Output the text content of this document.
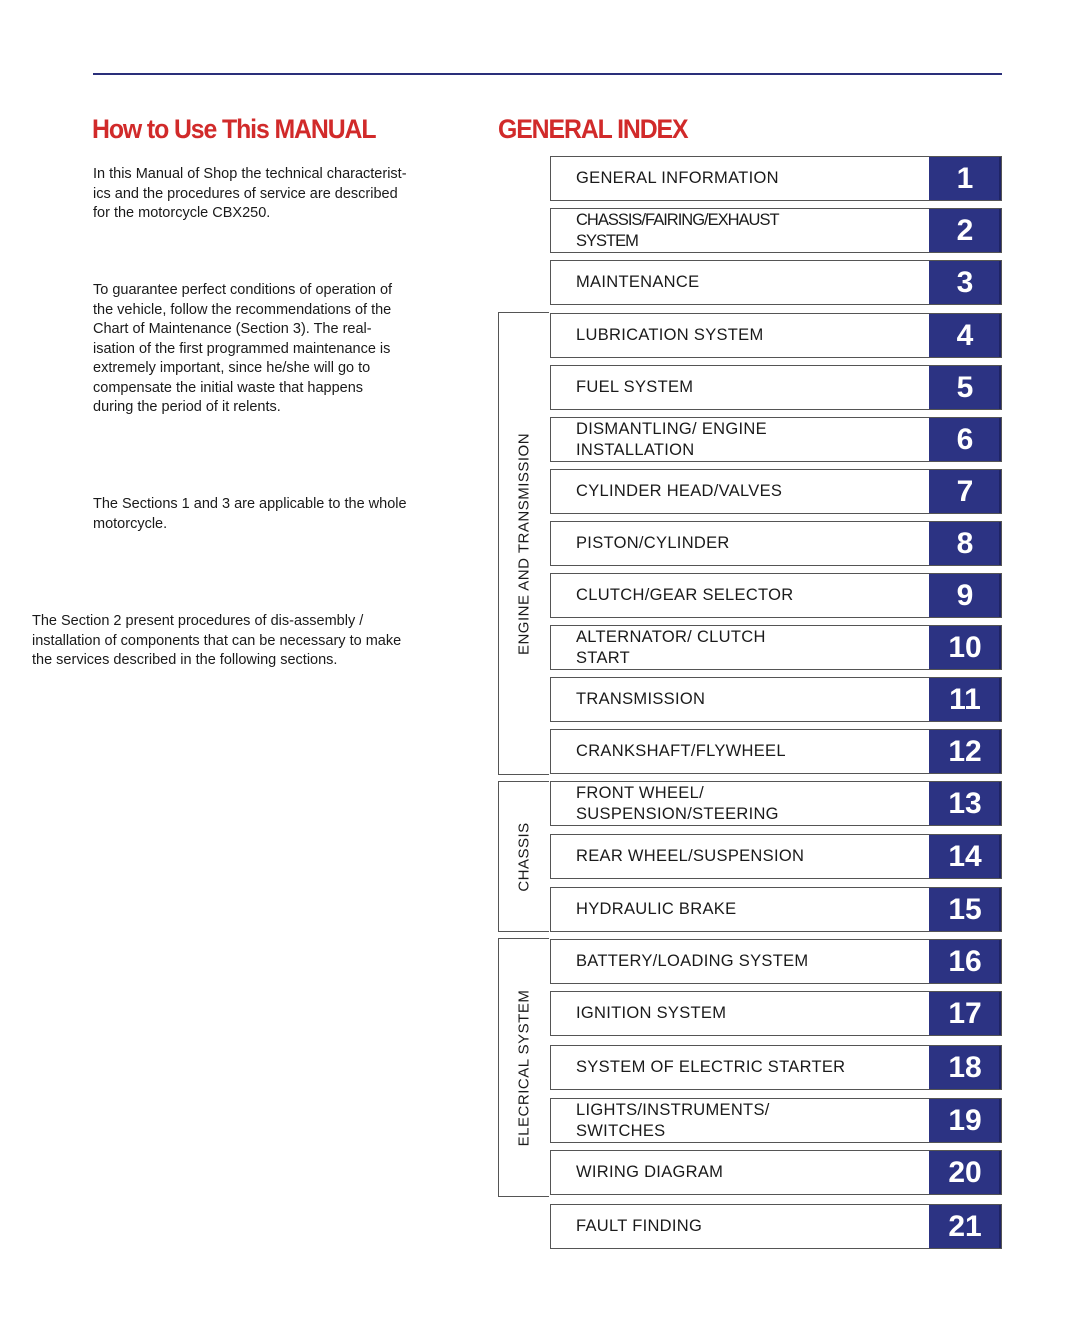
How to Use This MANUAL	GENERAL INDEX

In this Manual of Shop the technical characterist-
ics and the procedures of service are described
for the motorcycle CBX250.

To guarantee perfect conditions of operation of
the vehicle, follow the recommendations of the
Chart of Maintenance (Section 3). The real-
isation of the first programmed maintenance is
extremely important, since he/she will go to
compensate the initial waste that happens
during the period of it relents.

The Sections 1 and 3 are applicable to the whole
motorcycle.

The Section 2 present procedures of dis-assembly /
installation of components that can be necessary to make
the services described in the following sections.

ENGINE AND TRANSMISSION
CHASSIS
ELECRICAL SYSTEM
GENERAL INFORMATION	1
CHASSIS/FAIRING/EXHAUST
SYSTEM	2
MAINTENANCE	3
LUBRICATION SYSTEM	4
FUEL SYSTEM	5
DISMANTLING/ ENGINE
INSTALLATION	6
CYLINDER HEAD/VALVES	7
PISTON/CYLINDER	8
CLUTCH/GEAR SELECTOR	9
ALTERNATOR/ CLUTCH
START	10
TRANSMISSION	11
CRANKSHAFT/FLYWHEEL	12
FRONT WHEEL/
SUSPENSION/STEERING	13
REAR WHEEL/SUSPENSION	14
HYDRAULIC BRAKE	15
BATTERY/LOADING SYSTEM	16
IGNITION SYSTEM	17
SYSTEM OF ELECTRIC STARTER	18
LIGHTS/INSTRUMENTS/
SWITCHES	19
WIRING DIAGRAM	20
FAULT FINDING	21
